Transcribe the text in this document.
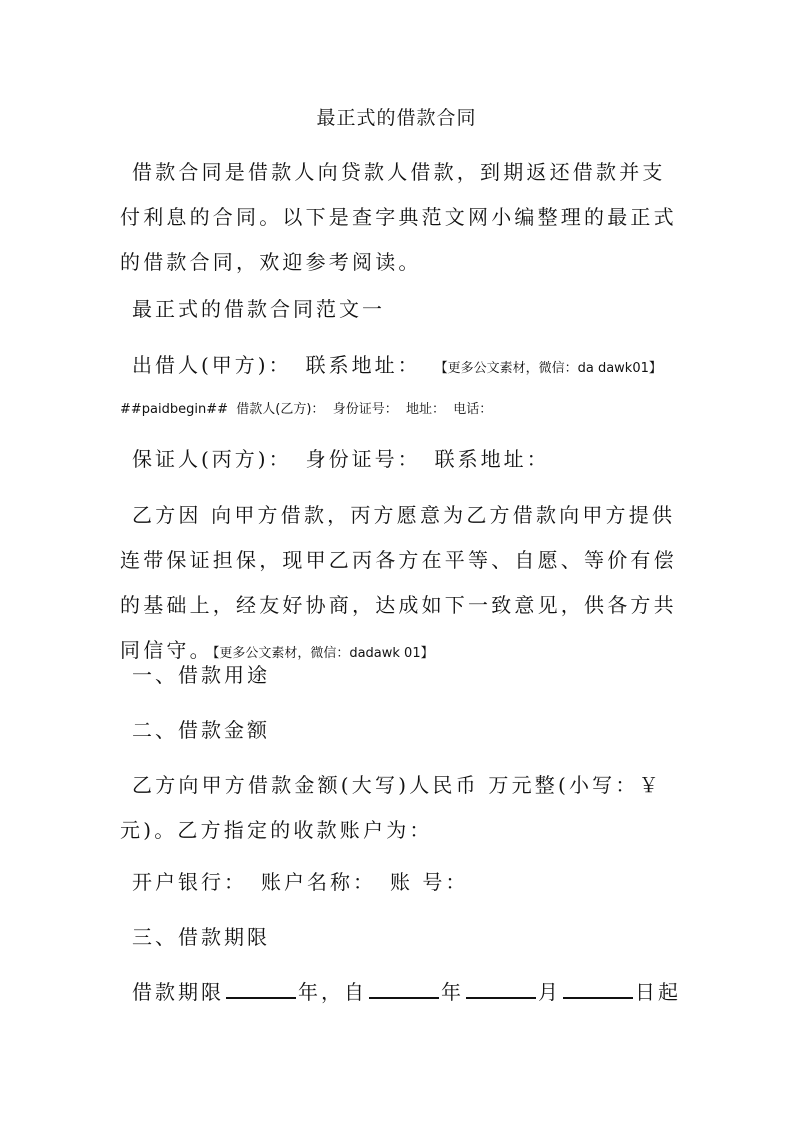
最正式的借款合同
借款合同是借款人向贷款人借款，到期返还借款并支付利息的合同。以下是查字典范文网小编整理的最正式的借款合同，欢迎参考阅读。
最正式的借款合同范文一
出借人(甲方)： 联系地址： 【更多公文素材，微信：da dawk01】
##paidbegin## 借款人(乙方)： 身份证号： 地址： 电话：
保证人(丙方)： 身份证号： 联系地址：
乙方因 向甲方借款，丙方愿意为乙方借款向甲方提供连带保证担保，现甲乙丙各方在平等、自愿、等价有偿的基础上，经友好协商，达成如下一致意见，供各方共同信守。【更多公文素材，微信：dadawk 01】
一、借款用途
二、借款金额
乙方向甲方借款金额(大写)人民币 万元整(小写：￥ 元)。乙方指定的收款账户为：
开户银行： 账户名称： 账 号：
三、借款期限
借款期限	年，自	年	月	日起
